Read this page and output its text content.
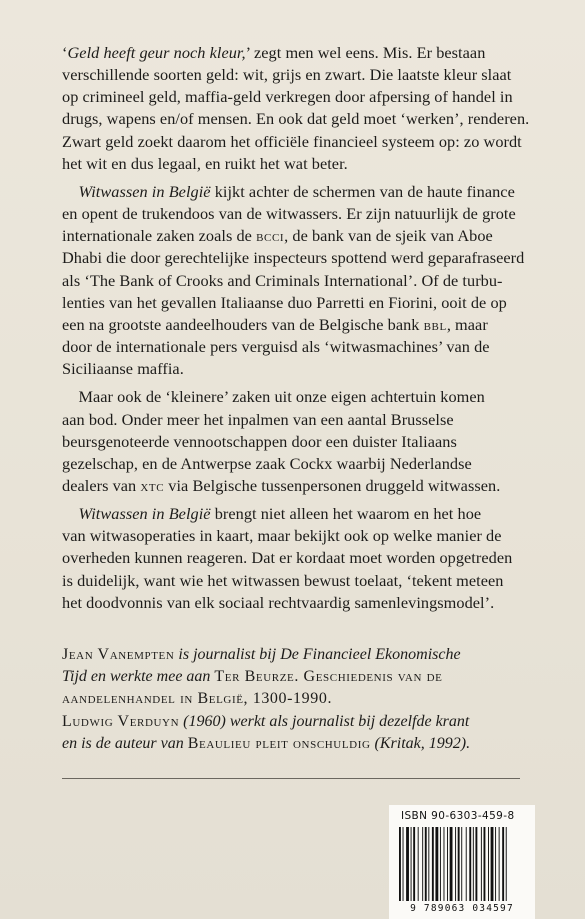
‘Geld heeft geur noch kleur,’ zegt men wel eens. Mis. Er bestaan
verschillende soorten geld: wit, grijs en zwart. Die laatste kleur slaat
op crimineel geld, maffia-geld verkregen door afpersing of handel in
drugs, wapens en/of mensen. En ook dat geld moet ‘werken’, renderen.
Zwart geld zoekt daarom het officiële financieel systeem op: zo wordt
het wit en dus legaal, en ruikt het wat beter.
Witwassen in België kijkt achter de schermen van de haute finance
en opent de trukendoos van de witwassers. Er zijn natuurlijk de grote
internationale zaken zoals de bcci, de bank van de sjeik van Aboe
Dhabi die door gerechtelijke inspecteurs spottend werd geparafraseerd
als ‘The Bank of Crooks and Criminals International’. Of de turbu-
lenties van het gevallen Italiaanse duo Parretti en Fiorini, ooit de op
een na grootste aandeelhouders van de Belgische bank bbl, maar
door de internationale pers verguisd als ‘witwasmachines’ van de
Siciliaanse maffia.
Maar ook de ‘kleinere’ zaken uit onze eigen achtertuin komen
aan bod. Onder meer het inpalmen van een aantal Brusselse
beursgenoteerde vennootschappen door een duister Italiaans
gezelschap, en de Antwerpse zaak Cockx waarbij Nederlandse
dealers van xtc via Belgische tussenpersonen druggeld witwassen.
Witwassen in België brengt niet alleen het waarom en het hoe
van witwasoperaties in kaart, maar bekijkt ook op welke manier de
overheden kunnen reageren. Dat er kordaat moet worden opgetreden
is duidelijk, want wie het witwassen bewust toelaat, ‘tekent meteen
het doodvonnis van elk sociaal rechtvaardig samenlevingsmodel’.
Jean Vanempten is journalist bij De Financieel Ekonomische
Tijd en werkte mee aan Ter Beurze. Geschiedenis van de
aandelenhandel in België, 1300-1990.
Ludwig Verduyn (1960) werkt als journalist bij dezelfde krant
en is de auteur van Beaulieu pleit onschuldig (Kritak, 1992).
ISBN 90-6303-459-8
9 789063 034597
